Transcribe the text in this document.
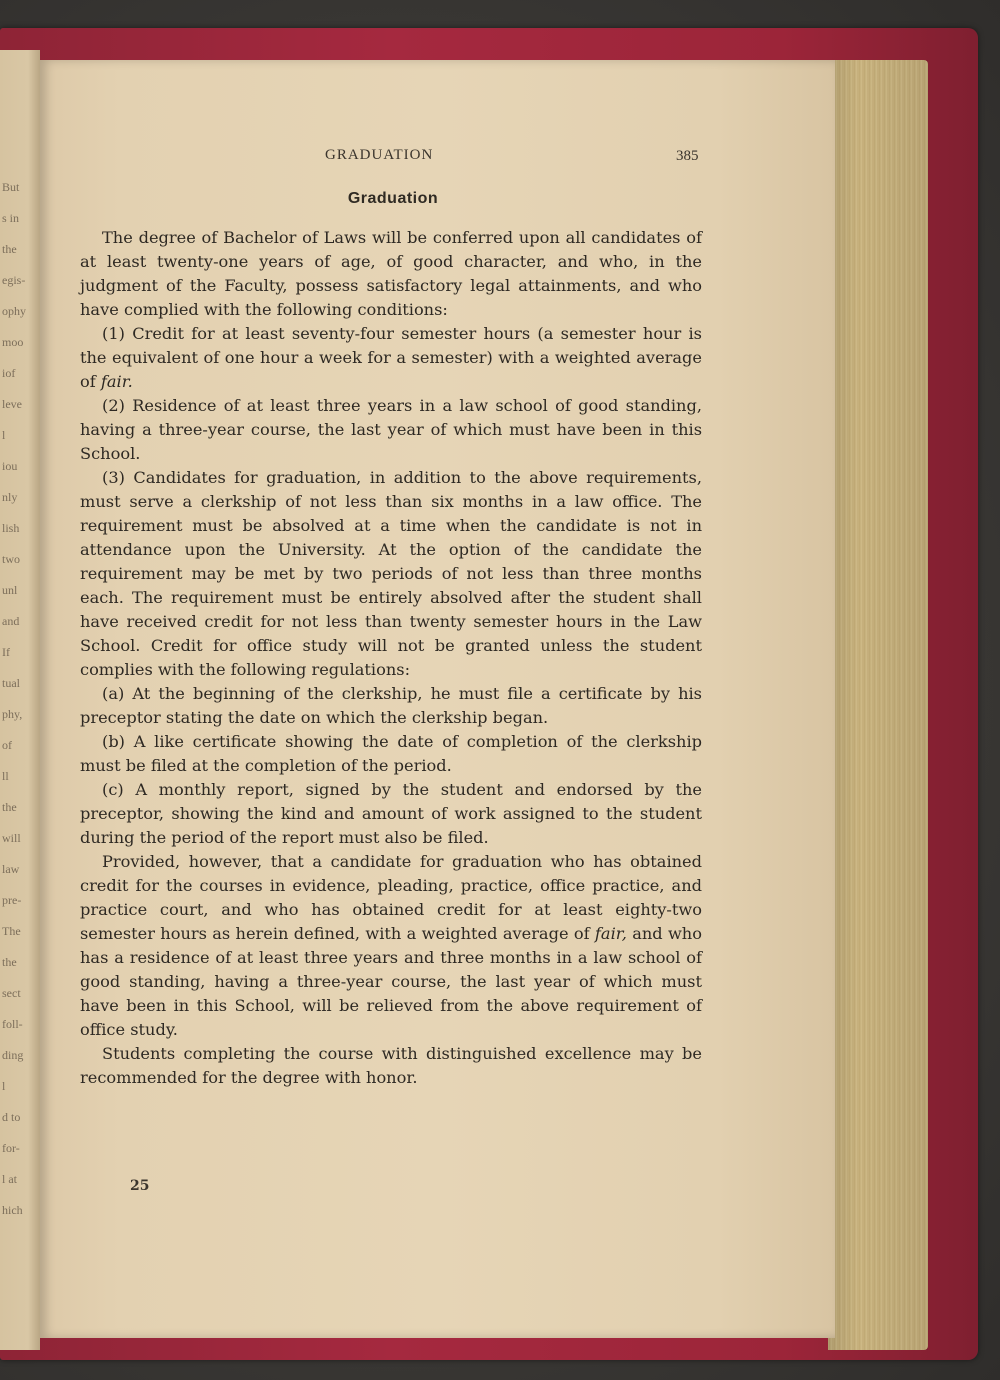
But
s in
the
egis-
ophy
moo
iof
leve
l
iou
nly
lish
two
unl
and
If
tual
phy,
of
ll
the
will
law
pre-
The
the
sect
foll-
ding
l
d to
for-
l at
hich
GRADUATION	385
Graduation

The degree of Bachelor of Laws will be conferred upon all candidates of at least twenty-one years of age, of good character, and who, in the judgment of the Faculty, possess satisfactory legal attainments, and who have complied with the following conditions:

(1) Credit for at least seventy-four semester hours (a semester hour is the equivalent of one hour a week for a semester) with a weighted average of fair.

(2) Residence of at least three years in a law school of good standing, having a three-year course, the last year of which must have been in this School.

(3) Candidates for graduation, in addition to the above requirements, must serve a clerkship of not less than six months in a law office. The requirement must be absolved at a time when the candidate is not in attendance upon the University. At the option of the candidate the requirement may be met by two periods of not less than three months each. The requirement must be entirely absolved after the student shall have received credit for not less than twenty semester hours in the Law School. Credit for office study will not be granted unless the student complies with the following regulations:

(a) At the beginning of the clerkship, he must file a certificate by his preceptor stating the date on which the clerkship began.

(b) A like certificate showing the date of completion of the clerkship must be filed at the completion of the period.

(c) A monthly report, signed by the student and endorsed by the preceptor, showing the kind and amount of work assigned to the student during the period of the report must also be filed.

Provided, however, that a candidate for graduation who has obtained credit for the courses in evidence, pleading, practice, office practice, and practice court, and who has obtained credit for at least eighty-two semester hours as herein defined, with a weighted average of fair, and who has a residence of at least three years and three months in a law school of good standing, having a three-year course, the last year of which must have been in this School, will be relieved from the above requirement of office study.

Students completing the course with distinguished excellence may be recommended for the degree with honor.

25
